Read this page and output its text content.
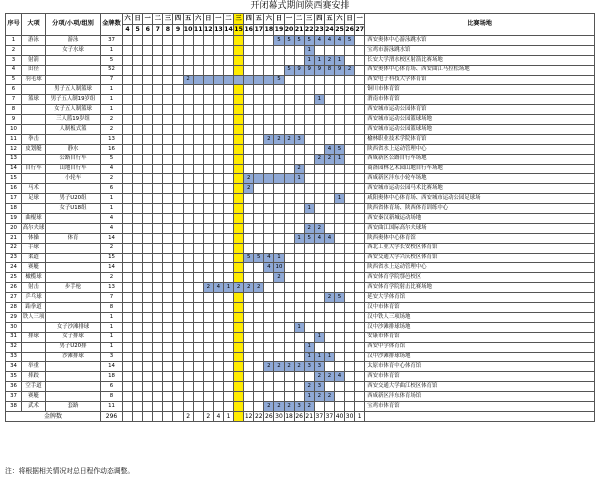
开闭幕式期间陕西赛安排
序号	大项	分项/小项/组别	金牌数	六	日	一	二	三	四	五	六	日	一	二	三	四	五	六	日	一	二	三	四	五	六	日	一	比赛场地
				4	5	6	7	8	9	10	11	12	13	14	15	16	17	18	19	20	21	22	23	24	25	26	27	
1	游泳	游泳	37																5	5	5	5	4	4	4	5		西安奥体中心游泳跳水馆
2		女子水球	1																			1						宝鸡市游泳跳水馆
3	射箭		5																			1	1	2	1			长安大学渭水校区射箭比赛场地
4	田径		52																	5	9	9	9	8	9	2		西安奥体中心体育场、西安曲江马拉松场地
5	羽毛球		7							2									5									西安电子科技大学体育馆
6		男子五人制篮球	1																									铜川市体育馆
7	篮球	男子五人制19岁组	1																				1					渭南市体育馆
8		女子五人制篮球	1																									西安城市运动公园体育馆
9		三人篮19岁组	2																									西安城市运动公园篮球场地
10		人制板式篮	2																									西安城市运动公园篮球场地
11	拳击		13															2	2	2	3							榆林职业技术学院体育馆
12	皮划艇	静水	16																					4	5			陕西省水上运动管理中心
13		公路自行车	5																				2	2	1			西咸新区公路自行车场地
14	自行车	山地自行车	4																		2							商洛园林艺术园山地自行车场地
15		小轮车	2													2					1							西咸新区沣东小轮车场地
16	马术		6													2												西安城市运动公园马术比赛场地
17	足球	男子U20组	1																						1			咸阳奥体中心体育场、西安城市运动公园足球场
18		女子U18组	1																			1						陕西省体育场、陕西体育训练中心
19	曲棍球		4																									西安秦汉新城运动场地
20	高尔夫球		4																			2	2					西安曲江国际高尔夫球场
21	体操	体育	14																		1	5	4	4				陕西奥体中心体育馆
22	手球		2																									西北工业大学长安校区体育馆
23	柔道		15													5	5	4	1									西安交通大学兴庆校区体育馆
24	赛艇		14															4	10									陕西省水上运动管理中心
25	橄榄球		2																2									西安体育学院鄠邑校区
26	射击	步手枪	13									2	4	1	2	2	2											西安体育学院射击比赛场地
27	乒乓球		7																					2	5			延安大学体育馆
28	跆拳道		8																									汉中市体育馆
29	铁人三项		1																									汉中铁人三项场地
30		女子沙滩排球	1																		1							汉中沙滩排球场地
31	排球	女子排球	1																				1					安康市体育馆
32		男子U20排	1																			1						西安中学体育馆
33		沙滩排球	3																			1	1	1				汉中沙滩排球场地
34	举重		14															2	2	2	2	3	3					太原市体育中心体育馆
35	摔跤		18																				2	2	4			西安市体育馆
36	空手道		6																			2	3					西安交通大学曲江校区体育馆
37	赛艇		8																			1	2	2				西咸新区沣东体育场馆
38	武术	套路	11															2	2	2	3	2						宝鸡市体育馆
金牌数			296							2		2	4	1		12	22	26	30	18	26	21	37	37	40	30	1	
注：将根据相关情况对总日程作动态调整。
